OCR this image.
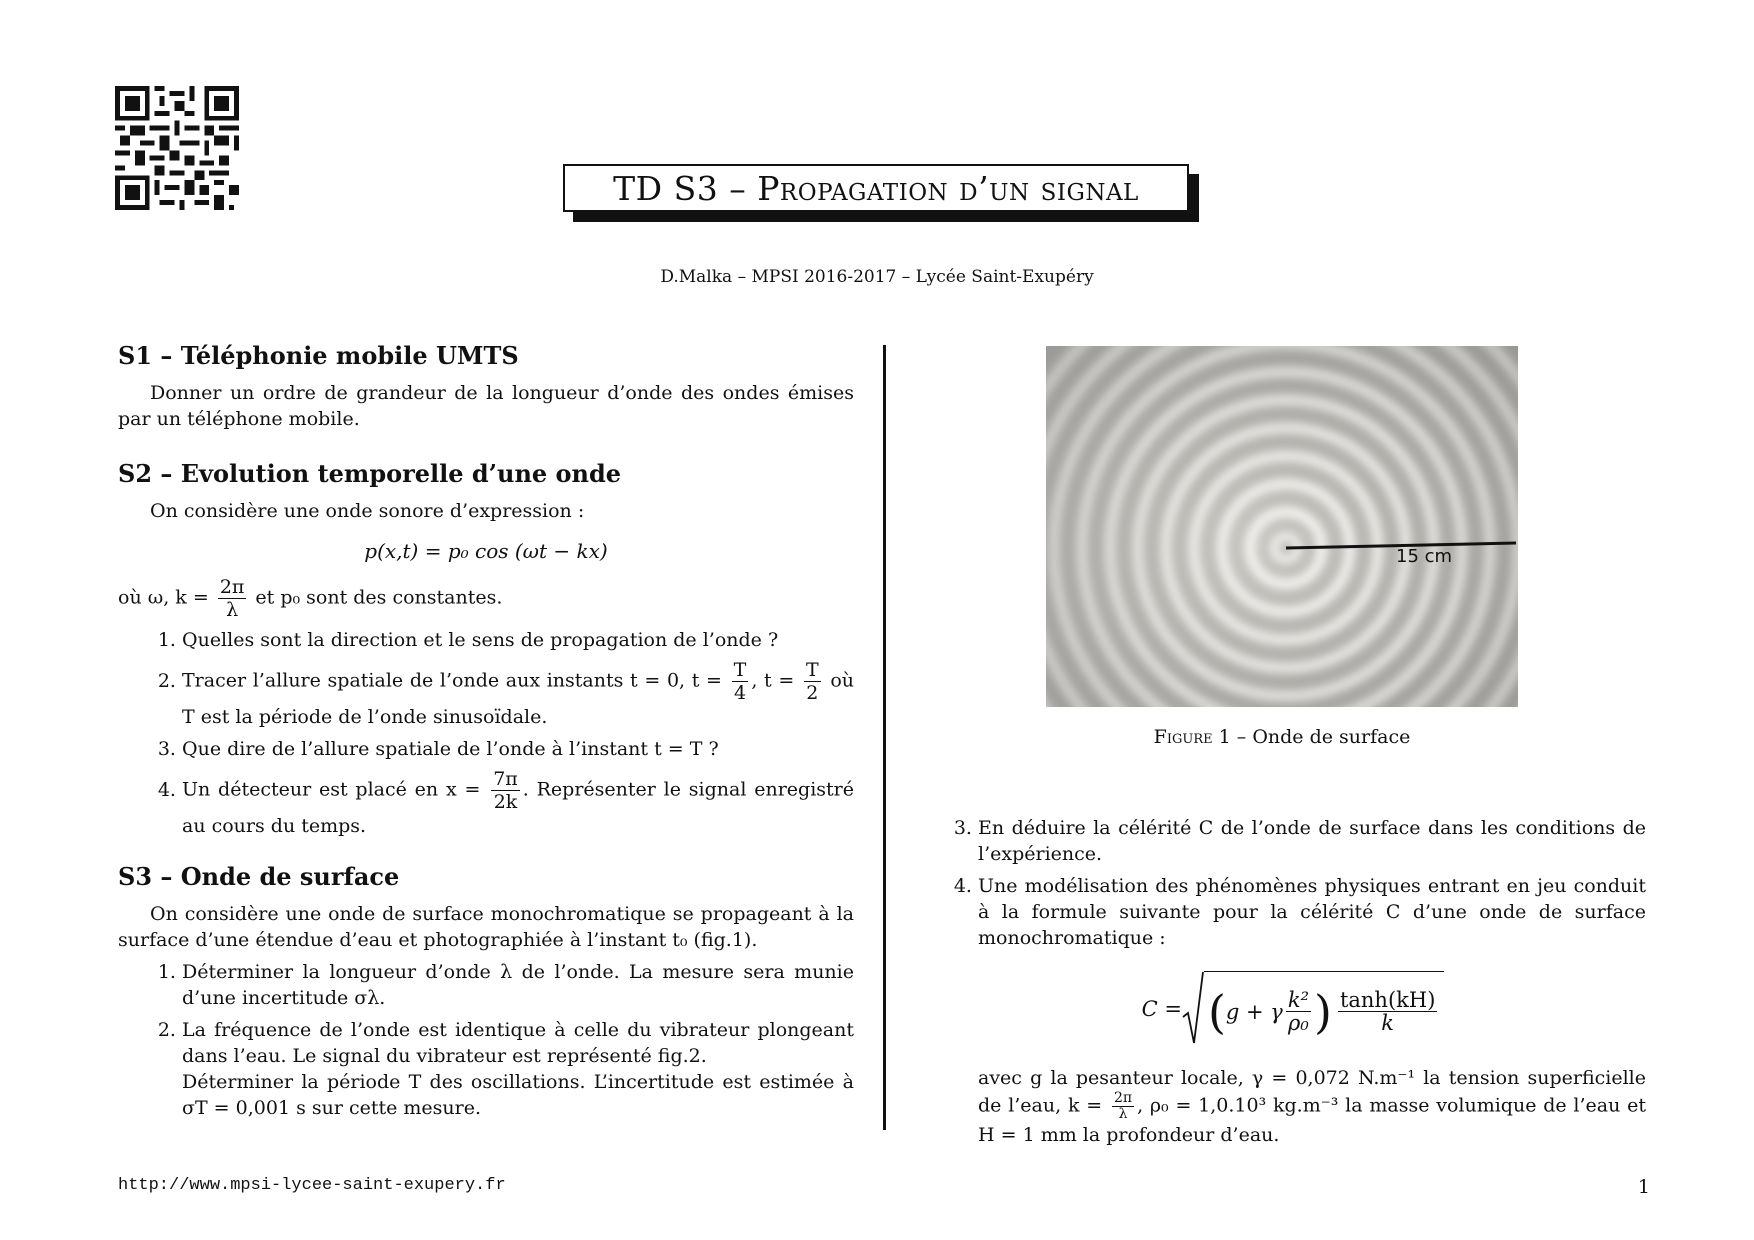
TD S3 – Propagation d’un signal
D.Malka – MPSI 2016-2017 – Lycée Saint-Exupéry
S1 – Téléphonie mobile UMTS

Donner un ordre de grandeur de la longueur d’onde des ondes émises par un téléphone mobile.

S2 – Evolution temporelle d’une onde

On considère une onde sonore d’expression :

p(x,t) = p₀ cos (ωt − kx)

où ω, $k = \frac{2\pi}{\lambda}$ et p₀ sont des constantes.

1. Quelles sont la direction et le sens de propagation de l’onde ?
2. Tracer l’allure spatiale de l’onde aux instants t = 0, $t = \frac{T}{4}$ , $t = \frac{T}{2}$ où T est la période de l’onde sinusoïdale.
3. Que dire de l’allure spatiale de l’onde à l’instant t = T ?
4. Un détecteur est placé en $x = \frac{7\pi}{2k}$ . Représenter le signal enregistré au cours du temps.
S3 – Onde de surface

On considère une onde de surface monochromatique se propageant à la surface d’une étendue d’eau et photographiée à l’instant t₀ (fig.1).

1. Déterminer la longueur d’onde λ de l’onde. La mesure sera munie d’une incertitude σλ.
2. La fréquence de l’onde est identique à celle du vibrateur plongeant dans l’eau. Le signal du vibrateur est représenté fig.2.
Déterminer la période T des oscillations. L’incertitude est estimée à σT = 0,001 s sur cette mesure.
15 cm
Figure 1 – Onde de surface
3. En déduire la célérité C de l’onde de surface dans les conditions de l’expérience.
4. Une modélisation des phénomènes physiques entrant en jeu conduit à la formule suivante pour la célérité C d’une onde de surface monochromatique :
C = ( g + γ $\frac{\text{k²}}{\text{ρ₀}}$ ) $\frac{\tanh(kH)}{k}$

avec g la pesanteur locale, γ = 0,072 N.m⁻¹ la tension superficielle de l’eau, $k = \frac{2\pi}{\lambda}$ , ρ₀ = 1,0.10³ kg.m⁻³ la masse volumique de l’eau et H = 1 mm la profondeur d’eau.

http://www.mpsi-lycee-saint-exupery.fr	1
